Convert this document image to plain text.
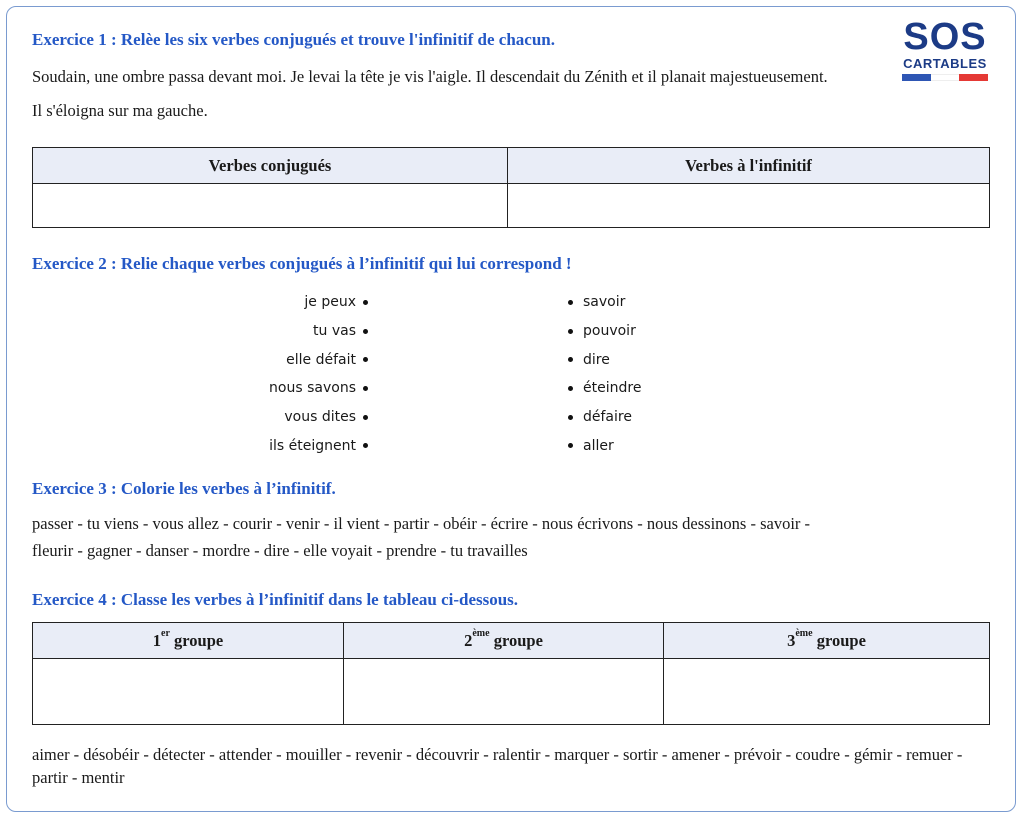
SOS
CARTABLES
Exercice 1 : Relèe les six verbes conjugués et trouve l'infinitif de chacun.
Soudain, une ombre passa devant moi. Je levai la tête je vis l'aigle. Il descendait du Zénith et il planait majestueusement. Il s'éloigna sur ma gauche.
Verbes conjugués	Verbes à l'infinitif

Exercice 2 : Relie chaque verbes conjugués à l’infinitif qui lui correspond !
je peux
tu vas
elle défait
nous savons
vous dites
ils éteignent
savoir
pouvoir
dire
éteindre
défaire
aller
Exercice 3 : Colorie les verbes à l’infinitif.
passer - tu viens - vous allez - courir - venir - il vient - partir - obéir - écrire - nous écrivons - nous dessinons - savoir - fleurir - gagner - danser - mordre - dire - elle voyait - prendre - tu travailles
Exercice 4 : Classe les verbes à l’infinitif dans le tableau ci-dessous.
1er groupe	2ème groupe	3ème groupe

aimer - désobéir - détecter - attender - mouiller - revenir - découvrir - ralentir - marquer - sortir - amener - prévoir - coudre - gémir - remuer - partir - mentir
